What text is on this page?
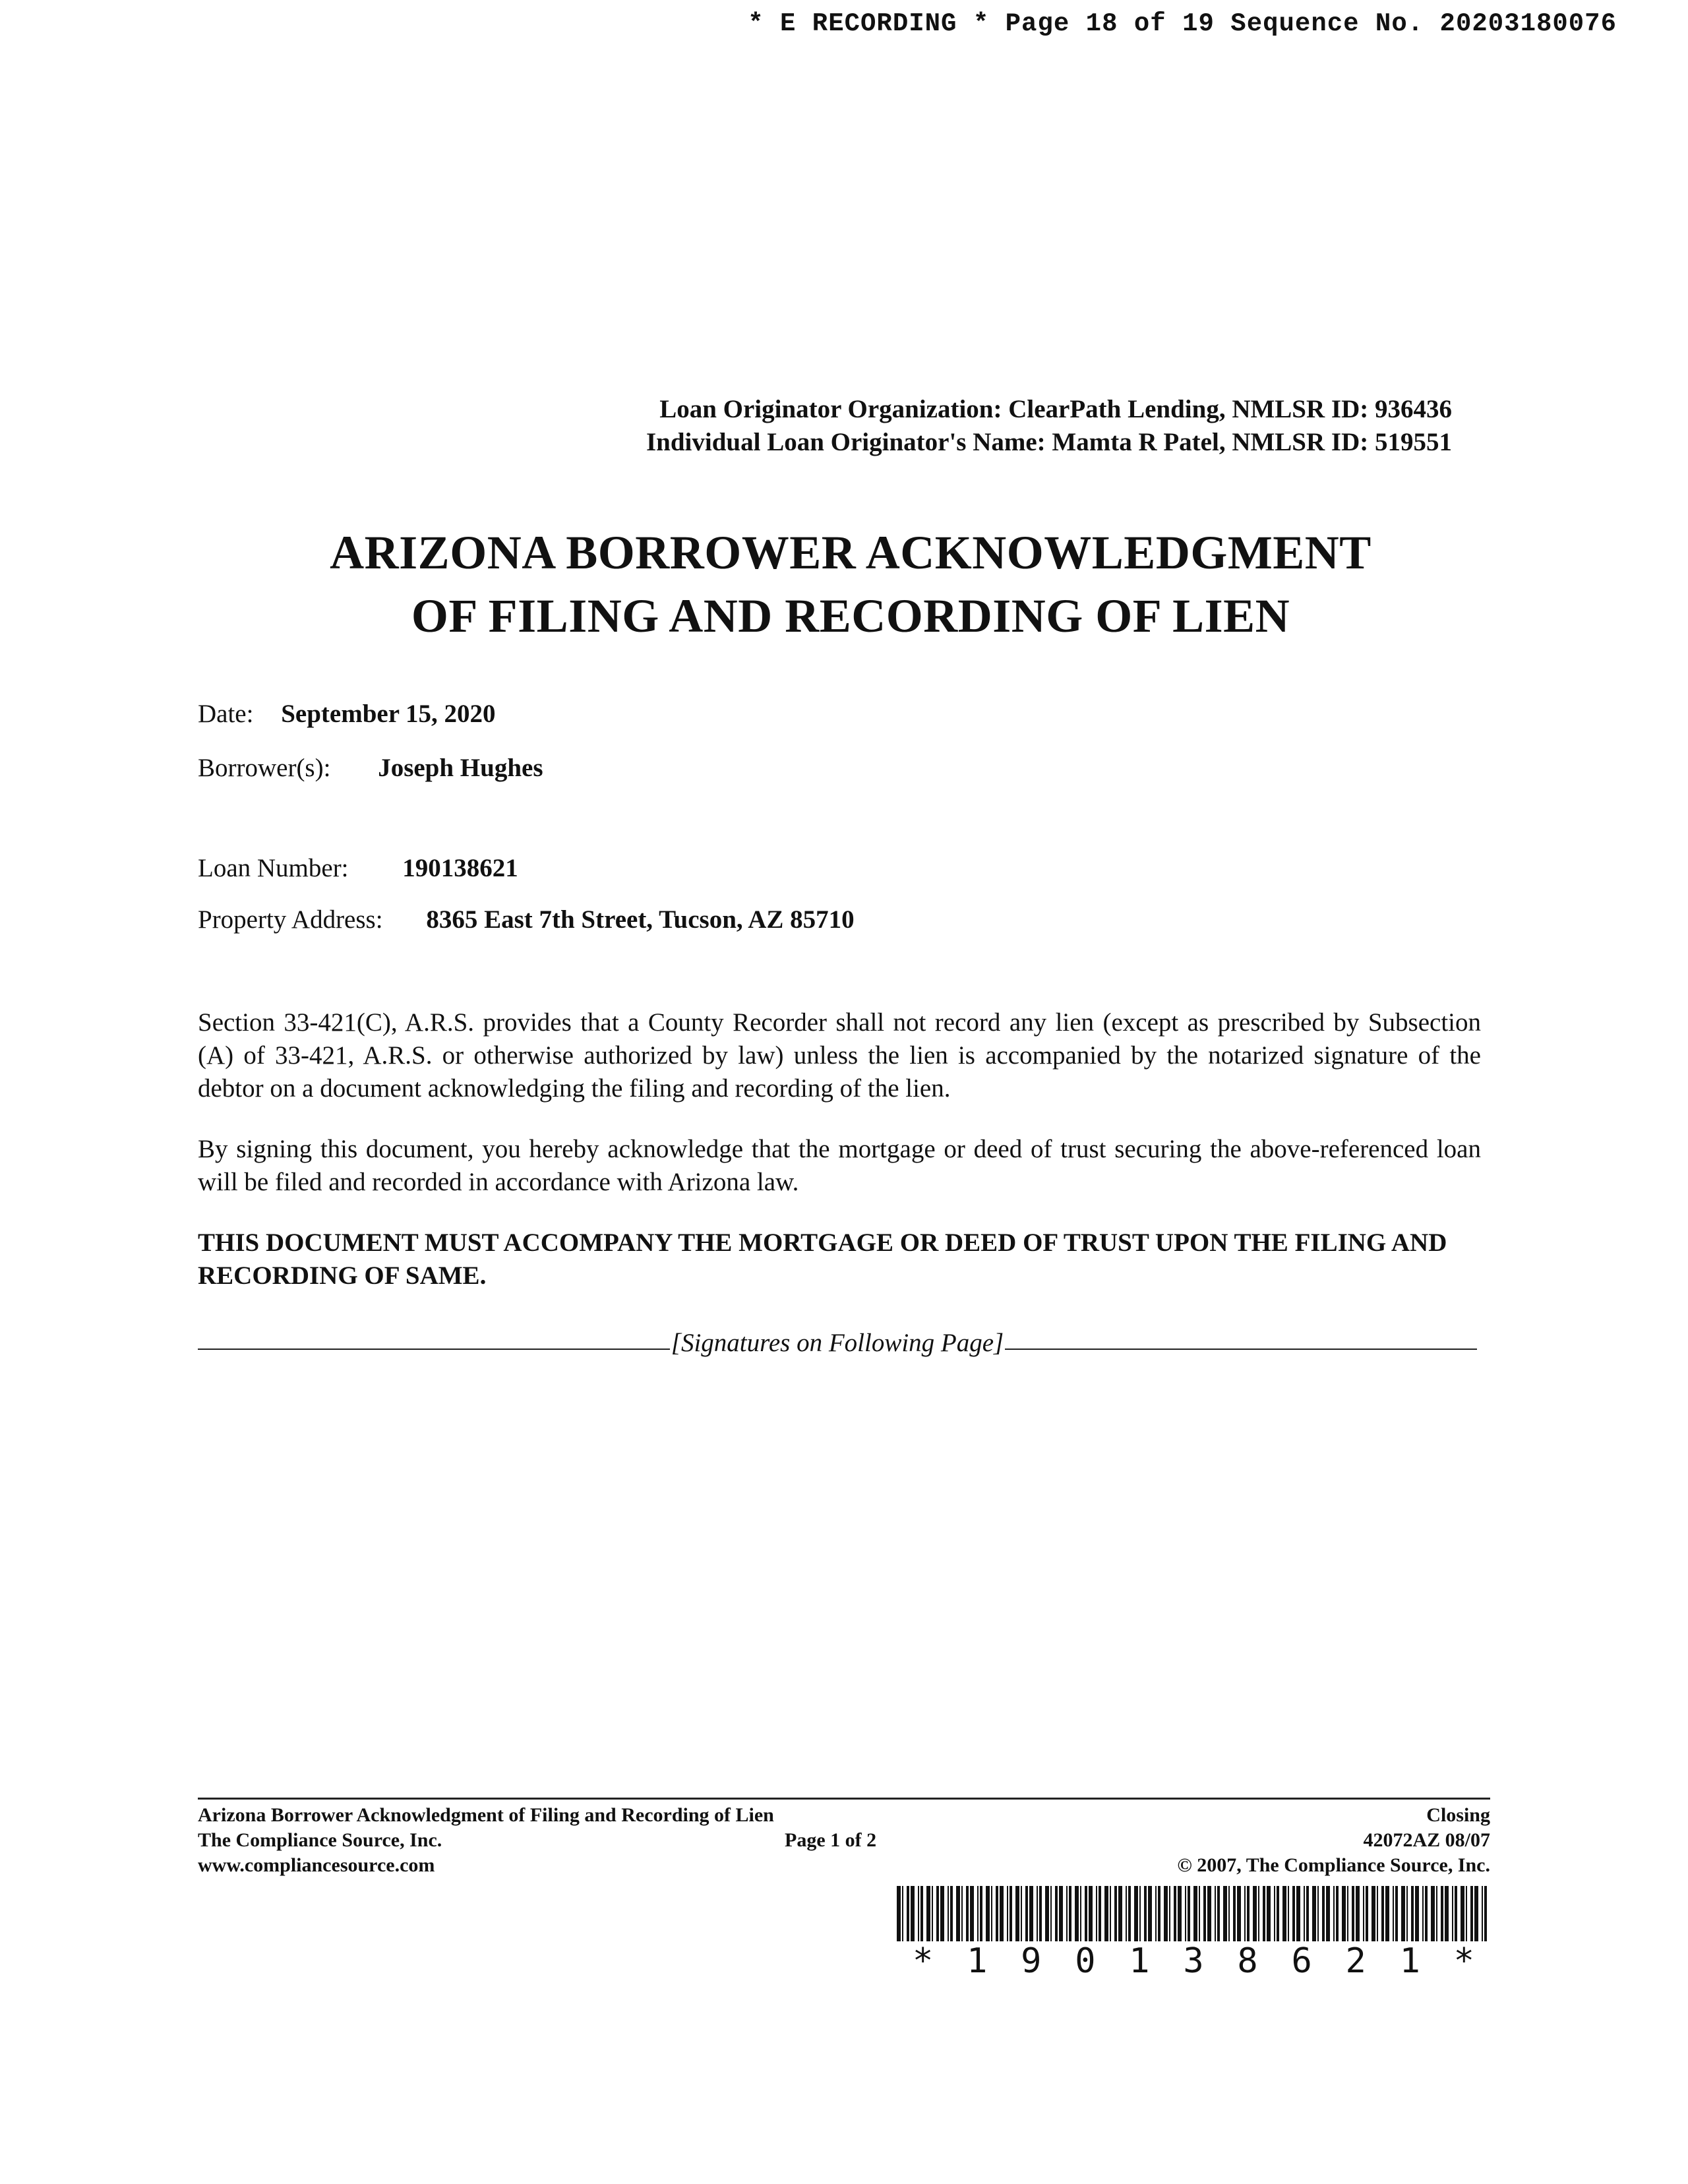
* E RECORDING * Page 18 of 19 Sequence No. 20203180076
Loan Originator Organization: ClearPath Lending, NMLSR ID: 936436
Individual Loan Originator's Name: Mamta R Patel, NMLSR ID: 519551
ARIZONA BORROWER ACKNOWLEDGMENT
OF FILING AND RECORDING OF LIEN
Date: September 15, 2020
Borrower(s): Joseph Hughes
Loan Number: 190138621
Property Address: 8365 East 7th Street, Tucson, AZ 85710
Section 33-421(C), A.R.S. provides that a County Recorder shall not record any lien (except as prescribed by Subsection (A) of 33-421, A.R.S. or otherwise authorized by law) unless the lien is accompanied by the notarized signature of the debtor on a document acknowledging the filing and recording of the lien.
By signing this document, you hereby acknowledge that the mortgage or deed of trust securing the above-referenced loan will be filed and recorded in accordance with Arizona law.
THIS DOCUMENT MUST ACCOMPANY THE MORTGAGE OR DEED OF TRUST UPON THE FILING AND RECORDING OF SAME.
[Signatures on Following Page]
Arizona Borrower Acknowledgment of Filing and Recording of Lien
The Compliance Source, Inc.
www.compliancesource.com
Page 1 of 2
Closing
42072AZ 08/07
© 2007, The Compliance Source, Inc.
* 1 9 0 1 3 8 6 2 1 *
